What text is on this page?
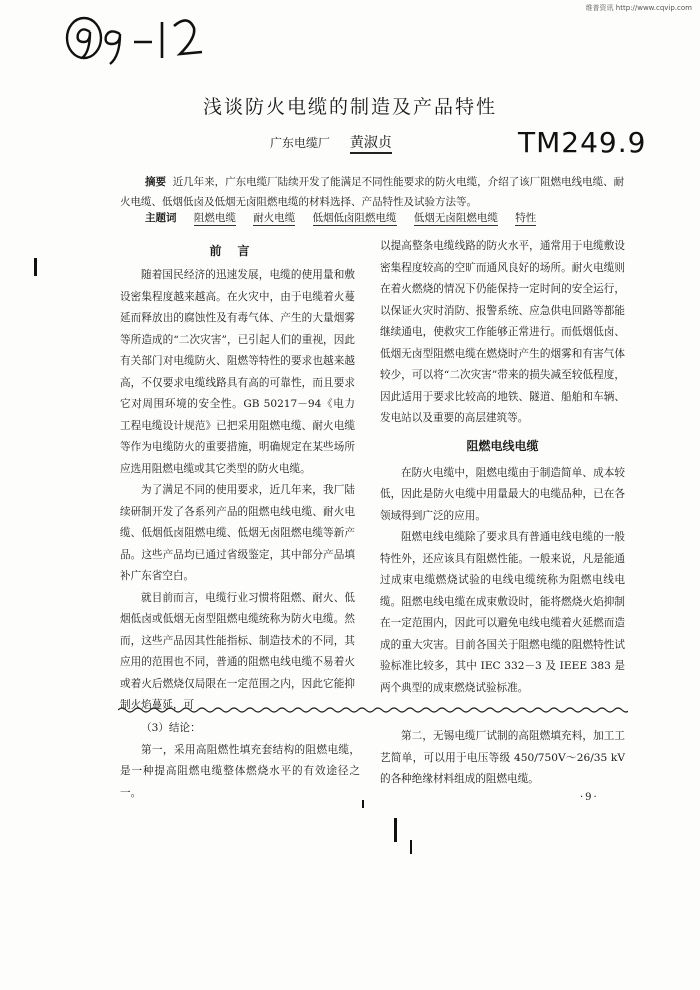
维普资讯 http://www.cqvip.com
浅谈防火电缆的制造及产品特性
广东电缆厂 黄淑贞	TM249.9
摘要 近几年来，广东电缆厂陆续开发了能满足不同性能要求的防火电缆，介绍了该厂阻燃电线电缆、耐火电缆、低烟低卤及低烟无卤阻燃电缆的材料选择、产品特性及试验方法等。
主题词 阻燃电缆 耐火电缆 低烟低卤阻燃电缆 低烟无卤阻燃电缆 特性
前言

随着国民经济的迅速发展，电缆的使用量和敷设密集程度越来越高。在火灾中，由于电缆着火蔓延而释放出的腐蚀性及有毒气体、产生的大量烟雾等所造成的“二次灾害”，已引起人们的重视，因此有关部门对电缆防火、阻燃等特性的要求也越来越高，不仅要求电缆线路具有高的可靠性，而且要求它对周围环境的安全性。GB 50217－94《电力工程电缆设计规范》已把采用阻燃电缆、耐火电缆等作为电缆防火的重要措施，明确规定在某些场所应选用阻燃电缆或其它类型的防火电缆。

为了满足不同的使用要求，近几年来，我厂陆续研制开发了各系列产品的阻燃电线电缆、耐火电缆、低烟低卤阻燃电缆、低烟无卤阻燃电缆等新产品。这些产品均已通过省级鉴定，其中部分产品填补广东省空白。

就目前而言，电缆行业习惯将阻燃、耐火、低烟低卤或低烟无卤型阻燃电缆统称为防火电缆。然而，这些产品因其性能指标、制造技术的不同，其应用的范围也不同，普通的阻燃电线电缆不易着火或着火后燃烧仅局限在一定范围之内，因此它能抑制火焰蔓延，可

以提高整条电缆线路的防火水平，通常用于电缆敷设密集程度较高的空旷而通风良好的场所。耐火电缆则在着火燃烧的情况下仍能保持一定时间的安全运行，以保证火灾时消防、报警系统、应急供电回路等都能继续通电，使救灾工作能够正常进行。而低烟低卤、低烟无卤型阻燃电缆在燃烧时产生的烟雾和有害气体较少，可以将“二次灾害”带来的损失减至较低程度，因此适用于要求比较高的地铁、隧道、船舶和车辆、发电站以及重要的高层建筑等。

阻燃电线电缆

在防火电缆中，阻燃电缆由于制造简单、成本较低，因此是防火电缆中用量最大的电缆品种，已在各领域得到广泛的应用。

阻燃电线电缆除了要求具有普通电线电缆的一般特性外，还应该具有阻燃性能。一般来说，凡是能通过成束电缆燃烧试验的电线电缆统称为阻燃电线电缆。阻燃电线电缆在成束敷设时，能将燃烧火焰抑制在一定范围内，因此可以避免电线电缆着火延燃而造成的重大灾害。目前各国关于阻燃电缆的阻燃特性试验标准比较多，其中 IEC 332－3 及 IEEE 383 是两个典型的成束燃烧试验标准。

（3）结论：

第一，采用高阻燃性填充套结构的阻燃电缆，是一种提高阻燃电缆整体燃烧水平的有效途径之一。

第二，无锡电缆厂试制的高阻燃填充料，加工工艺简单，可以用于电压等级 450/750V～26/35 kV 的各种绝缘材料组成的阻燃电缆。

·9·
